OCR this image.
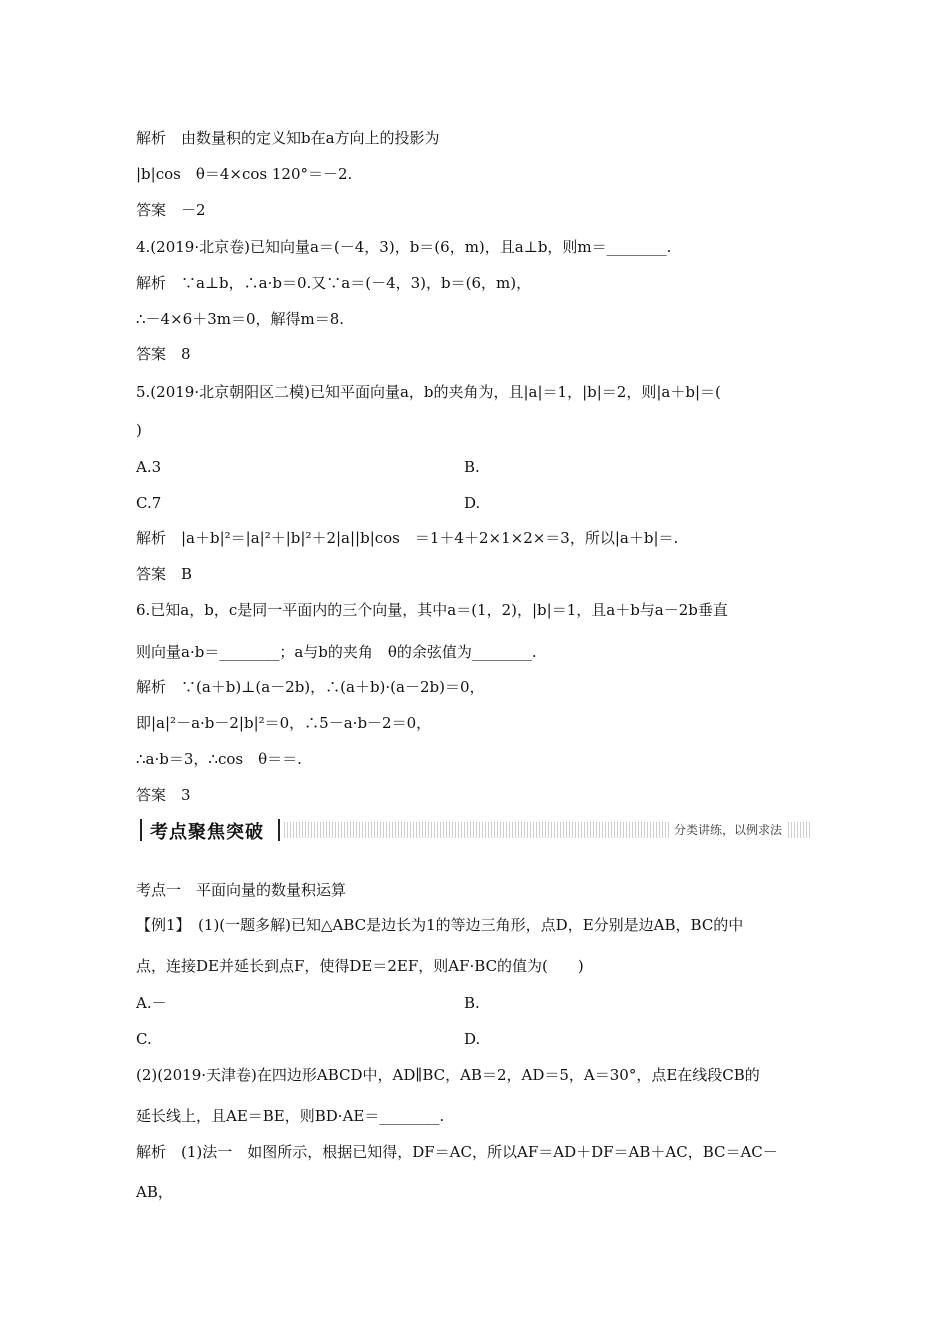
解析　由数量积的定义知b在a方向上的投影为
|b|cos　θ＝4×cos 120°＝－2.
答案　－2
4.(2019·北京卷)已知向量a＝(－4，3)，b＝(6，m)，且a⊥b，则m＝________.
解析　∵a⊥b，∴a·b＝0.又∵a＝(－4，3)，b＝(6，m)，
∴－4×6＋3m＝0，解得m＝8.
答案　8
5.(2019·北京朝阳区二模)已知平面向量a，b的夹角为，且|a|＝1，|b|＝2，则|a＋b|＝(
)
A.3	B.
C.7	D.
解析　|a＋b|²＝|a|²＋|b|²＋2|a||b|cos　＝1＋4＋2×1×2×＝3，所以|a＋b|＝.
答案　B
6.已知a，b，c是同一平面内的三个向量，其中a＝(1，2)，|b|＝1，且a＋b与a－2b垂直
则向量a·b＝________；a与b的夹角　θ的余弦值为________.
解析　∵(a＋b)⊥(a－2b)，∴(a＋b)·(a－2b)＝0，
即|a|²－a·b－2|b|²＝0，∴5－a·b－2＝0，
∴a·b＝3，∴cos　θ＝＝.
答案　3
考点聚焦突破	分类讲练，以例求法
考点一　平面向量的数量积运算
【例1】　(1)(一题多解)已知△ABC是边长为1的等边三角形，点D，E分别是边AB，BC的中
点，连接DE并延长到点F，使得DE＝2EF，则AF·BC的值为(　　)
A.－	B.
C.	D.
(2)(2019·天津卷)在四边形ABCD中，AD∥BC，AB＝2，AD＝5，A＝30°，点E在线段CB的
延长线上，且AE＝BE，则BD·AE＝________.
解析　(1)法一　如图所示，根据已知得，DF＝AC，所以AF＝AD＋DF＝AB＋AC，BC＝AC－
AB，
